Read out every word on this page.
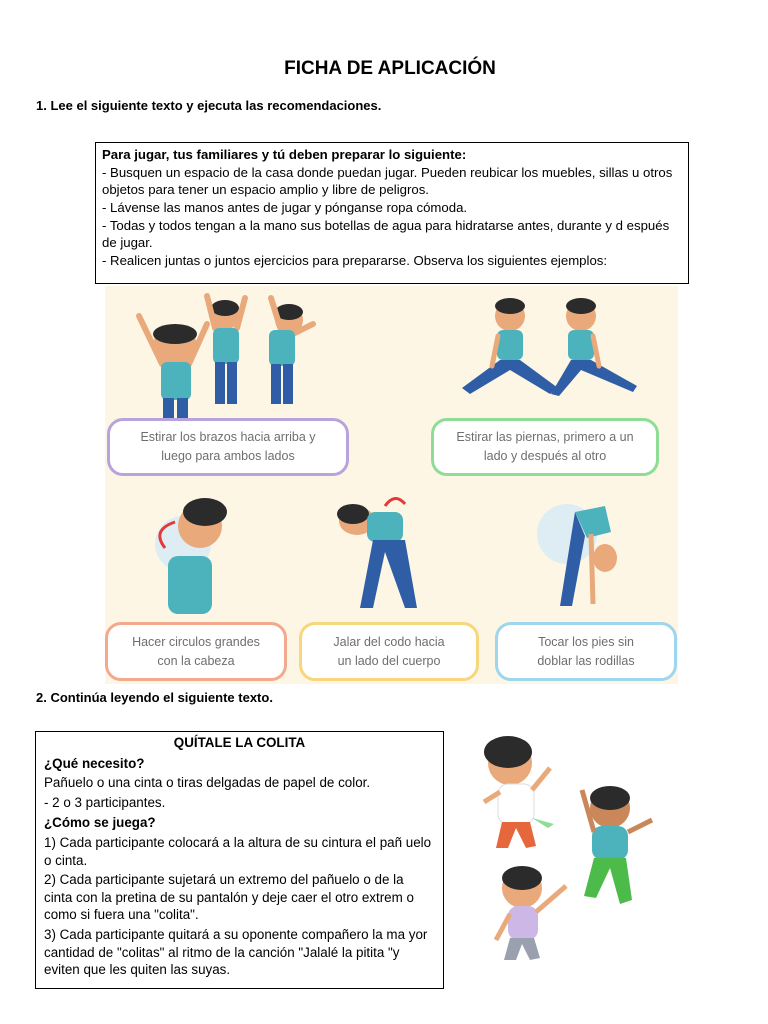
FICHA DE APLICACIÓN
1. Lee el siguiente texto y ejecuta las recomendaciones.
Para jugar, tus familiares y tú deben preparar lo siguiente:
- Busquen un espacio de la casa donde puedan jugar. Pueden reubicar los muebles, sillas u otros objetos para tener un espacio amplio y libre de peligros.
- Lávense las manos antes de jugar y pónganse ropa cómoda.
- Todas y todos tengan a la mano sus botellas de agua para hidratarse antes, durante y d espués de jugar.
- Realicen juntas o juntos ejercicios para prepararse. Observa los siguientes ejemplos:
Estirar los brazos hacia arriba y
luego para ambos lados
Estirar las piernas, primero a un
lado y después al otro
Hacer circulos grandes
con la cabeza
Jalar del codo hacia
un lado del cuerpo
Tocar los pies sin
doblar las rodillas
2. Continúa leyendo el siguiente texto.
QUÍTALE LA COLITA
¿Qué necesito?
Pañuelo o una cinta o tiras delgadas de papel de color.
- 2 o 3 participantes.
¿Cómo se juega?
1) Cada participante colocará a la altura de su cintura el pañ uelo o cinta.
2) Cada participante sujetará un extremo del pañuelo o de la cinta con la pretina de su pantalón y deje caer el otro extrem o como si fuera una "colita".
3) Cada participante quitará a su oponente compañero la ma yor cantidad de "colitas" al ritmo de la canción "Jalalé la pitita "y eviten que les quiten las suyas.
